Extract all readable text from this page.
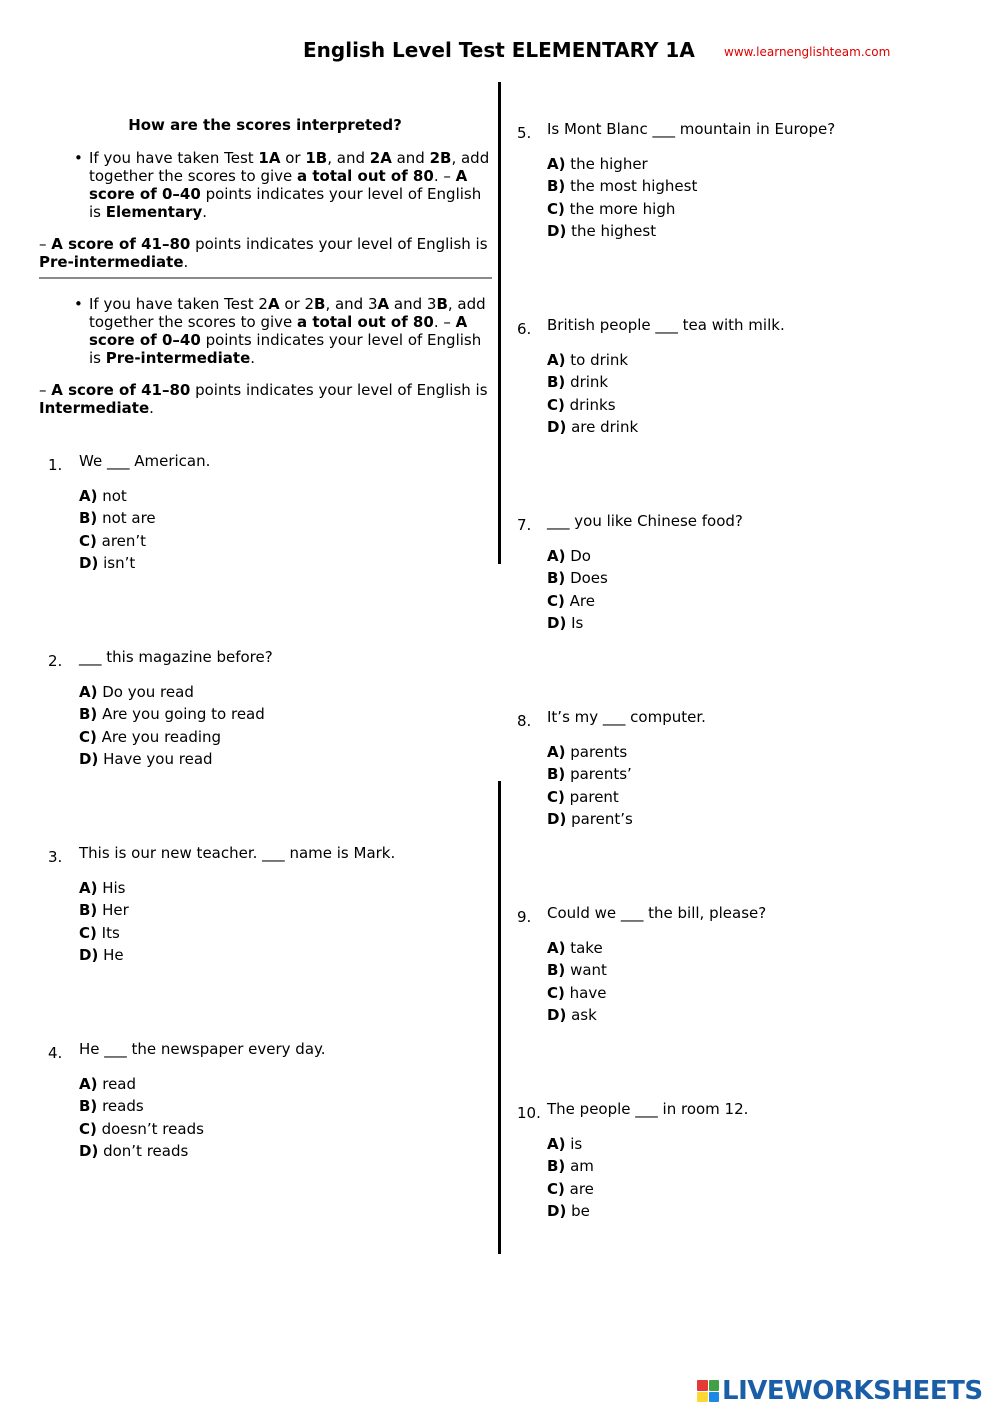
English Level Test ELEMENTARY 1A www.learnenglishteam.com
How are the scores interpreted?
• If you have taken Test 1A or 1B, and 2A and 2B, add together the scores to give a total out of 80. – A score of 0–40 points indicates your level of English is Elementary.
– A score of 41–80 points indicates your level of English is Pre-intermediate.
• If you have taken Test 2A or 2B, and 3A and 3B, add together the scores to give a total out of 80. – A score of 0–40 points indicates your level of English is Pre-intermediate.
– A score of 41–80 points indicates your level of English is Intermediate.
1. We ___ American.
A) not
B) not are
C) aren’t
D) isn’t
2. ___ this magazine before?
A) Do you read
B) Are you going to read
C) Are you reading
D) Have you read
3. This is our new teacher. ___ name is Mark.
A) His
B) Her
C) Its
D) He
4. He ___ the newspaper every day.
A) read
B) reads
C) doesn’t reads
D) don’t reads
5. Is Mont Blanc ___ mountain in Europe?
A) the higher
B) the most highest
C) the more high
D) the highest
6. British people ___ tea with milk.
A) to drink
B) drink
C) drinks
D) are drink
7. ___ you like Chinese food?
A) Do
B) Does
C) Are
D) Is
8. It’s my ___ computer.
A) parents
B) parents’
C) parent
D) parent’s
9. Could we ___ the bill, please?
A) take
B) want
C) have
D) ask
10. The people ___ in room 12.
A) is
B) am
C) are
D) be
LIVEWORKSHEETS
